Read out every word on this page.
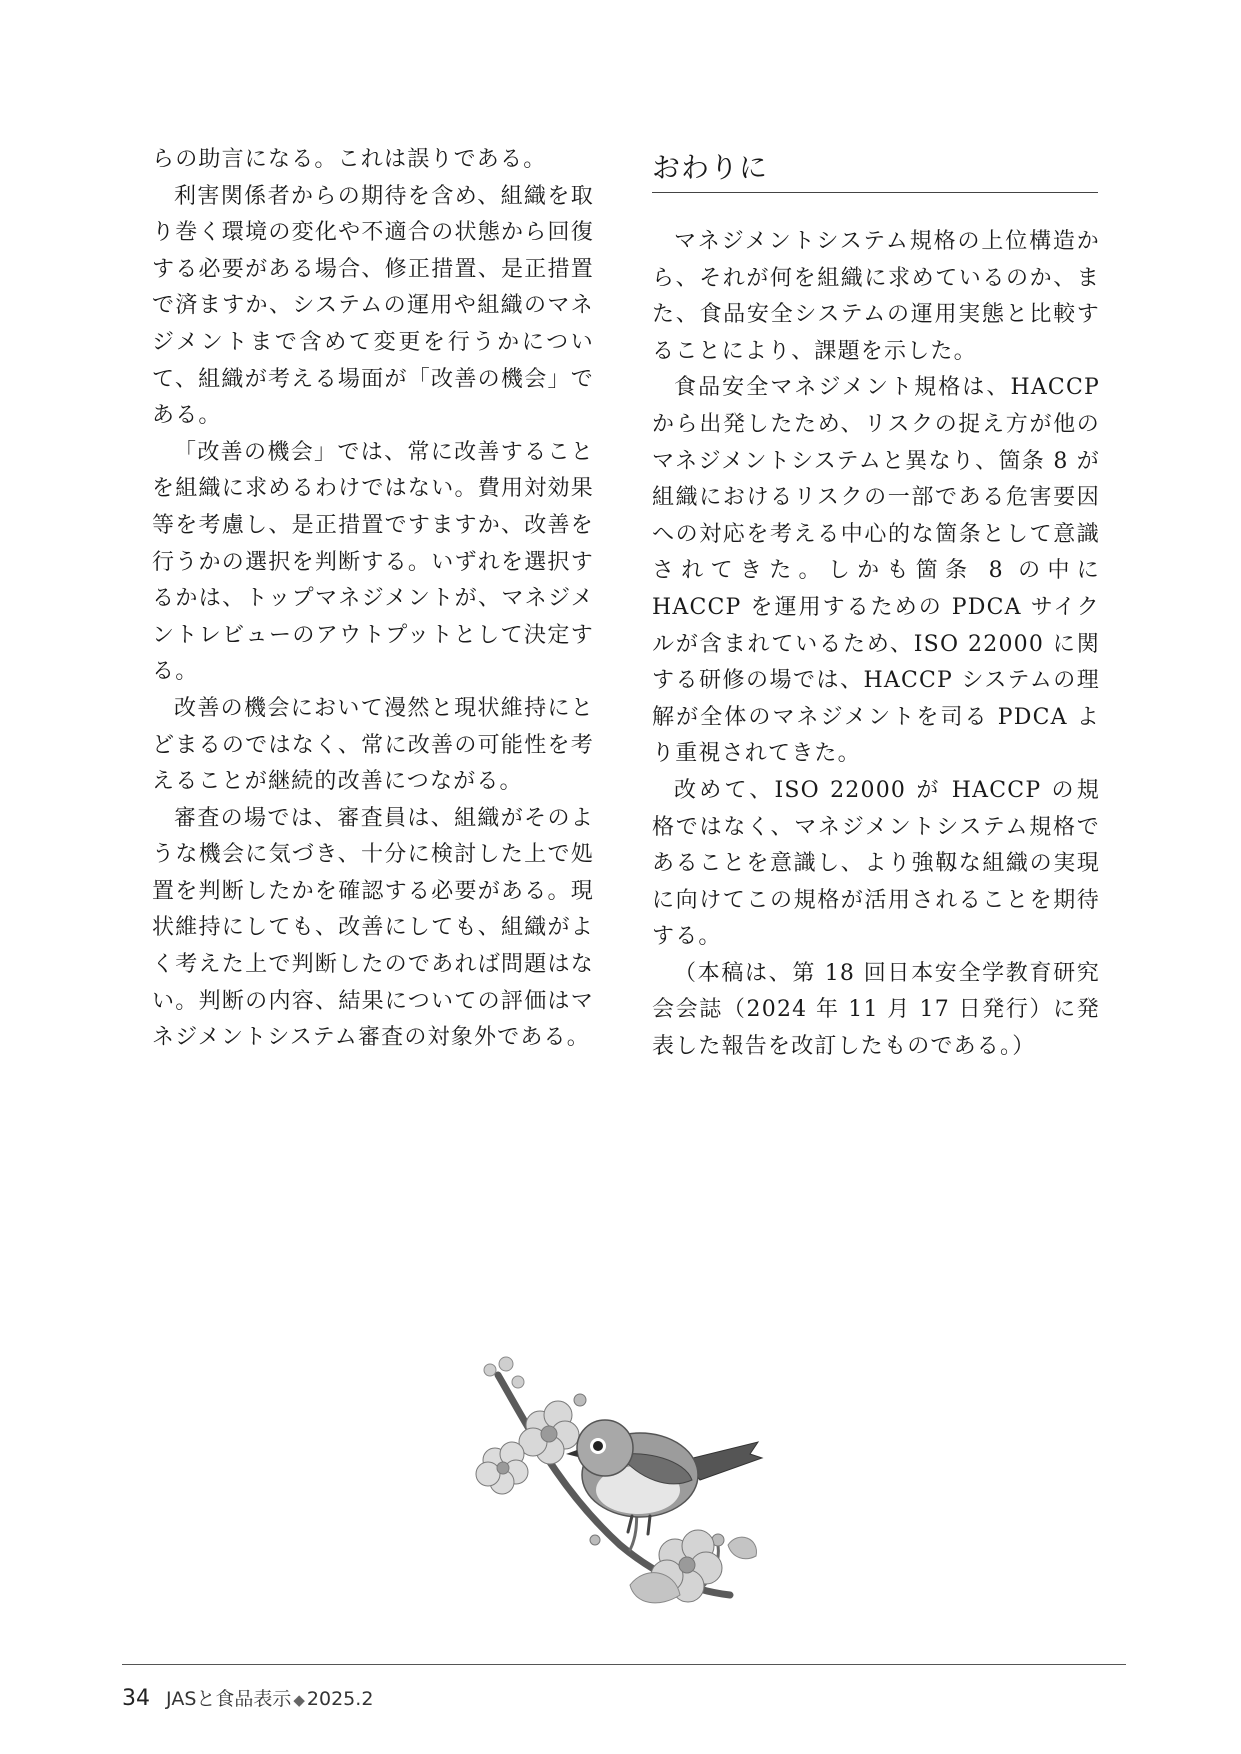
らの助言になる。これは誤りである。

利害関係者からの期待を含め、組織を取り巻く環境の変化や不適合の状態から回復する必要がある場合、修正措置、是正措置で済ますか、システムの運用や組織のマネジメントまで含めて変更を行うかについて、組織が考える場面が「改善の機会」である。

「改善の機会」では、常に改善することを組織に求めるわけではない。費用対効果等を考慮し、是正措置ですますか、改善を行うかの選択を判断する。いずれを選択するかは、トップマネジメントが、マネジメントレビューのアウトプットとして決定する。

改善の機会において漫然と現状維持にとどまるのではなく、常に改善の可能性を考えることが継続的改善につながる。

審査の場では、審査員は、組織がそのような機会に気づき、十分に検討した上で処置を判断したかを確認する必要がある。現状維持にしても、改善にしても、組織がよく考えた上で判断したのであれば問題はない。判断の内容、結果についての評価はマネジメントシステム審査の対象外である。

おわりに

マネジメントシステム規格の上位構造から、それが何を組織に求めているのか、また、食品安全システムの運用実態と比較することにより、課題を示した。

食品安全マネジメント規格は、HACCP から出発したため、リスクの捉え方が他のマネジメントシステムと異なり、箇条 8 が組織におけるリスクの一部である危害要因への対応を考える中心的な箇条として意識されてきた。しかも箇条 8 の中に HACCP を運用するための PDCA サイクルが含まれているため、ISO 22000 に関する研修の場では、HACCP システムの理解が全体のマネジメントを司る PDCA より重視されてきた。

改めて、ISO 22000 が HACCP の規格ではなく、マネジメントシステム規格であることを意識し、より強靱な組織の実現に向けてこの規格が活用されることを期待する。

（本稿は、第 18 回日本安全学教育研究会会誌（2024 年 11 月 17 日発行）に発表した報告を改訂したものである。）

34 JASと食品表示 ◆ 2025.2
